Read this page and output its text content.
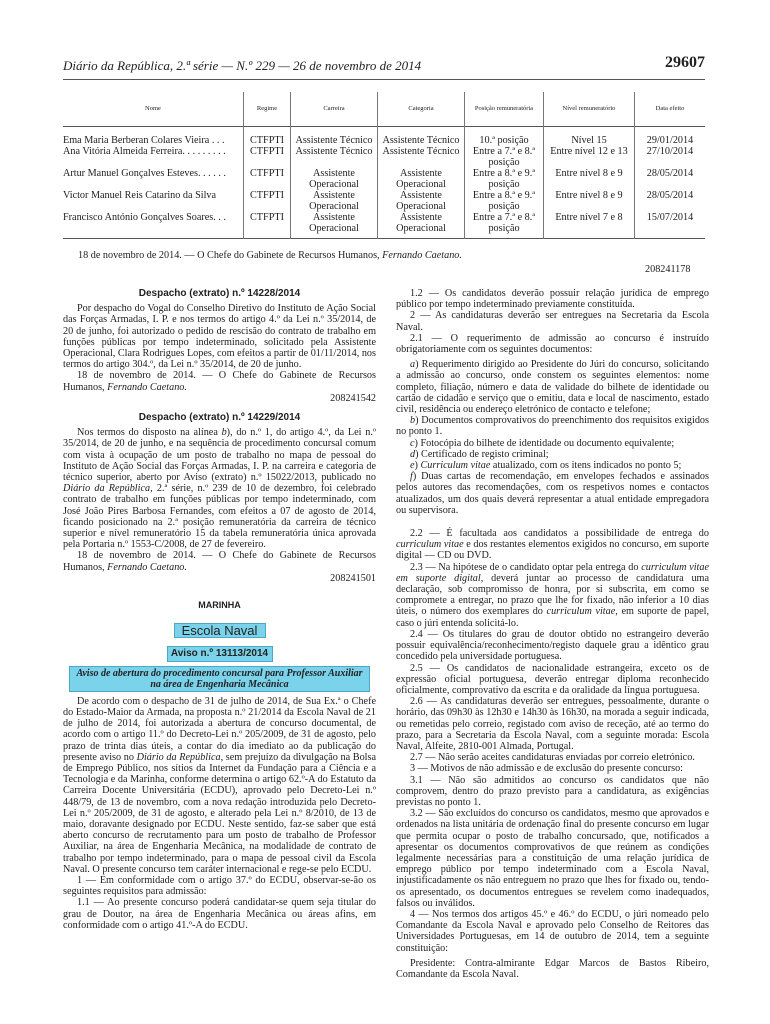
Diário da República, 2.ª série — N.º 229 — 26 de novembro de 2014	29607
Nome	Regime	Carreira	Categoria	Posição remuneratória	Nível remuneratório	Data efeito
Ema Maria Berberan Colares Vieira . . .	CTFPTI	Assistente Técnico	Assistente Técnico	10.ª posição	Nível 15	29/01/2014
Ana Vitória Almeida Ferreira. . . . . . . . .	CTFPTI	Assistente Técnico	Assistente Técnico	Entre a 7.ª e 8.ª posição	Entre nível 12 e 13	27/10/2014
Artur Manuel Gonçalves Esteves. . . . . .	CTFPTI	Assistente Operacional	Assistente Operacional	Entre a 8.ª e 9.ª posição	Entre nível 8 e 9	28/05/2014
Victor Manuel Reis Catarino da Silva	CTFPTI	Assistente Operacional	Assistente Operacional	Entre a 8.ª e 9.ª posição	Entre nível 8 e 9	28/05/2014
Francisco António Gonçalves Soares. . .	CTFPTI	Assistente Operacional	Assistente Operacional	Entre a 7.ª e 8.ª posição	Entre nível 7 e 8	15/07/2014
18 de novembro de 2014. — O Chefe do Gabinete de Recursos Humanos, Fernando Caetano.
208241178

Despacho (extrato) n.º 14228/2014

Por despacho do Vogal do Conselho Diretivo do Instituto de Ação Social das Forças Armadas, I. P. e nos termos do artigo 4.º da Lei n.º 35/2014, de 20 de junho, foi autorizado o pedido de rescisão do contrato de trabalho em funções públicas por tempo indeterminado, solicitado pela Assistente Operacional, Clara Rodrigues Lopes, com efeitos a partir de 01/11/2014, nos termos do artigo 304.º, da Lei n.º 35/2014, de 20 de junho.

18 de novembro de 2014. — O Chefe do Gabinete de Recursos Humanos, Fernando Caetano.

208241542

Despacho (extrato) n.º 14229/2014

Nos termos do disposto na alínea b), do n.º 1, do artigo 4.º, da Lei n.º 35/2014, de 20 de junho, e na sequência de procedimento concursal comum com vista à ocupação de um posto de trabalho no mapa de pessoal do Instituto de Ação Social das Forças Armadas, I. P. na carreira e categoria de técnico superior, aberto por Aviso (extrato) n.º 15022/2013, publicado no Diário da República, 2.ª série, n.º 239 de 10 de dezembro, foi celebrado contrato de trabalho em funções públicas por tempo indeterminado, com José João Pires Barbosa Fernandes, com efeitos a 07 de agosto de 2014, ficando posicionado na 2.ª posição remuneratória da carreira de técnico superior e nível remuneratório 15 da tabela remuneratória única aprovada pela Portaria n.º 1553-C/2008, de 27 de fevereiro.

18 de novembro de 2014. — O Chefe do Gabinete de Recursos Humanos, Fernando Caetano.

208241501

MARINHA

Escola Naval
Aviso n.º 13113/2014
Aviso de abertura do procedimento concursal para Professor Auxiliar na área de Engenharia Mecânica

De acordo com o despacho de 31 de julho de 2014, de Sua Ex.ª o Chefe do Estado-Maior da Armada, na proposta n.º 21/2014 da Escola Naval de 21 de julho de 2014, foi autorizada a abertura de concurso documental, de acordo com o artigo 11.º do Decreto-Lei n.º 205/2009, de 31 de agosto, pelo prazo de trinta dias úteis, a contar do dia imediato ao da publicação do presente aviso no Diário da República, sem prejuízo da divulgação na Bolsa de Emprego Público, nos sítios da Internet da Fundação para a Ciência e a Tecnologia e da Marinha, conforme determina o artigo 62.º-A do Estatuto da Carreira Docente Universitária (ECDU), aprovado pelo Decreto-Lei n.º 448/79, de 13 de novembro, com a nova redação introduzida pelo Decreto-Lei n.º 205/2009, de 31 de agosto, e alterado pela Lei n.º 8/2010, de 13 de maio, doravante designado por ECDU. Neste sentido, faz-se saber que está aberto concurso de recrutamento para um posto de trabalho de Professor Auxiliar, na área de Engenharia Mecânica, na modalidade de contrato de trabalho por tempo indeterminado, para o mapa de pessoal civil da Escola Naval. O presente concurso tem caráter internacional e rege-se pelo ECDU.

1 — Em conformidade com o artigo 37.º do ECDU, observar-se-ão os seguintes requisitos para admissão:

1.1 — Ao presente concurso poderá candidatar-se quem seja titular do grau de Doutor, na área de Engenharia Mecânica ou áreas afins, em conformidade com o artigo 41.º-A do ECDU.

1.2 — Os candidatos deverão possuir relação jurídica de emprego público por tempo indeterminado previamente constituída.

2 — As candidaturas deverão ser entregues na Secretaria da Escola Naval.

2.1 — O requerimento de admissão ao concurso é instruído obrigatoriamente com os seguintes documentos:

a) Requerimento dirigido ao Presidente do Júri do concurso, solicitando a admissão ao concurso, onde constem os seguintes elementos: nome completo, filiação, número e data de validade do bilhete de identidade ou cartão de cidadão e serviço que o emitiu, data e local de nascimento, estado civil, residência ou endereço eletrónico de contacto e telefone;

b) Documentos comprovativos do preenchimento dos requisitos exigidos no ponto 1.

c) Fotocópia do bilhete de identidade ou documento equivalente;

d) Certificado de registo criminal;

e) Curriculum vitae atualizado, com os itens indicados no ponto 5;

f) Duas cartas de recomendação, em envelopes fechados e assinados pelos autores das recomendações, com os respetivos nomes e contactos atualizados, um dos quais deverá representar a atual entidade empregadora ou supervisora.

2.2 — É facultada aos candidatos a possibilidade de entrega do curriculum vitae e dos restantes elementos exigidos no concurso, em suporte digital — CD ou DVD.

2.3 — Na hipótese de o candidato optar pela entrega do curriculum vitae em suporte digital, deverá juntar ao processo de candidatura uma declaração, sob compromisso de honra, por si subscrita, em como se compromete a entregar, no prazo que lhe for fixado, não inferior a 10 dias úteis, o número dos exemplares do curriculum vitae, em suporte de papel, caso o júri entenda solicitá-lo.

2.4 — Os titulares do grau de doutor obtido no estrangeiro deverão possuir equivalência/reconhecimento/registo daquele grau a idêntico grau concedido pela universidade portuguesa.

2.5 — Os candidatos de nacionalidade estrangeira, exceto os de expressão oficial portuguesa, deverão entregar diploma reconhecido oficialmente, comprovativo da escrita e da oralidade da língua portuguesa.

2.6 — As candidaturas deverão ser entregues, pessoalmente, durante o horário, das 09h30 às 12h30 e 14h30 às 16h30, na morada a seguir indicada, ou remetidas pelo correio, registado com aviso de receção, até ao termo do prazo, para a Secretaria da Escola Naval, com a seguinte morada: Escola Naval, Alfeite, 2810-001 Almada, Portugal.

2.7 — Não serão aceites candidaturas enviadas por correio eletrónico.

3 — Motivos de não admissão e de exclusão do presente concurso:

3.1 — Não são admitidos ao concurso os candidatos que não comprovem, dentro do prazo previsto para a candidatura, as exigências previstas no ponto 1.

3.2 — São excluídos do concurso os candidatos, mesmo que aprovados e ordenados na lista unitária de ordenação final do presente concurso em lugar que permita ocupar o posto de trabalho concursado, que, notificados a apresentar os documentos comprovativos de que reúnem as condições legalmente necessárias para a constituição de uma relação jurídica de emprego público por tempo indeterminado com a Escola Naval, injustificadamente os não entreguem no prazo que lhes for fixado ou, tendo-os apresentado, os documentos entregues se revelem como inadequados, falsos ou inválidos.

4 — Nos termos dos artigos 45.º e 46.º do ECDU, o júri nomeado pelo Comandante da Escola Naval e aprovado pelo Conselho de Reitores das Universidades Portuguesas, em 14 de outubro de 2014, tem a seguinte constituição:

Presidente: Contra-almirante Edgar Marcos de Bastos Ribeiro, Comandante da Escola Naval.
